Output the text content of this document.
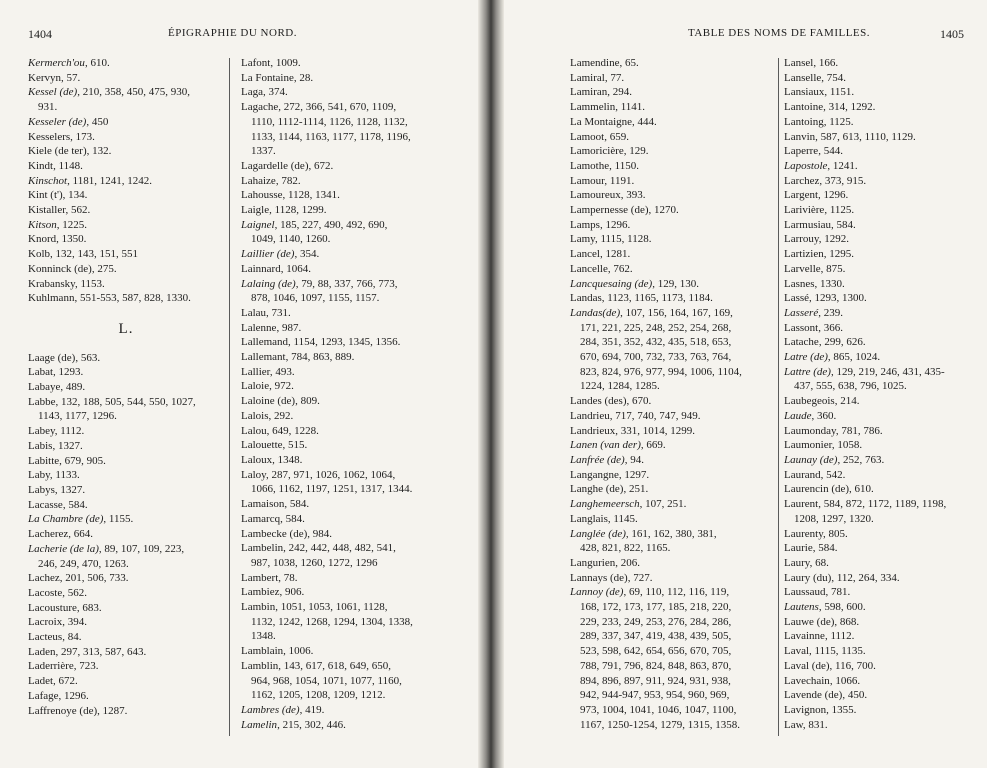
1404	ÉPIGRAPHIE DU NORD.
Kermerch'ou, 610.
Kervyn, 57.
Kessel (de), 210, 358, 450, 475, 930,
931.
Kesseler (de), 450
Kesselers, 173.
Kiele (de ter), 132.
Kindt, 1148.
Kinschot, 1181, 1241, 1242.
Kint (t'), 134.
Kistaller, 562.
Kitson, 1225.
Knord, 1350.
Kolb, 132, 143, 151, 551
Konninck (de), 275.
Krabansky, 1153.
Kuhlmann, 551-553, 587, 828, 1330.
L.
Laage (de), 563.
Labat, 1293.
Labaye, 489.
Labbe, 132, 188, 505, 544, 550, 1027,
1143, 1177, 1296.
Labey, 1112.
Labis, 1327.
Labitte, 679, 905.
Laby, 1133.
Labys, 1327.
Lacasse, 584.
La Chambre (de), 1155.
Lacherez, 664.
Lacherie (de la), 89, 107, 109, 223,
246, 249, 470, 1263.
Lachez, 201, 506, 733.
Lacoste, 562.
Lacousture, 683.
Lacroix, 394.
Lacteus, 84.
Laden, 297, 313, 587, 643.
Laderrière, 723.
Ladet, 672.
Lafage, 1296.
Laffrenoye (de), 1287.
Lafont, 1009.
La Fontaine, 28.
Laga, 374.
Lagache, 272, 366, 541, 670, 1109,
1110, 1112-1114, 1126, 1128, 1132,
1133, 1144, 1163, 1177, 1178, 1196,
1337.
Lagardelle (de), 672.
Lahaize, 782.
Lahousse, 1128, 1341.
Laigle, 1128, 1299.
Laignel, 185, 227, 490, 492, 690,
1049, 1140, 1260.
Laillier (de), 354.
Lainnard, 1064.
Lalaing (de), 79, 88, 337, 766, 773,
878, 1046, 1097, 1155, 1157.
Lalau, 731.
Lalenne, 987.
Lallemand, 1154, 1293, 1345, 1356.
Lallemant, 784, 863, 889.
Lallier, 493.
Laloie, 972.
Laloine (de), 809.
Lalois, 292.
Lalou, 649, 1228.
Lalouette, 515.
Laloux, 1348.
Laloy, 287, 971, 1026, 1062, 1064,
1066, 1162, 1197, 1251, 1317, 1344.
Lamaison, 584.
Lamarcq, 584.
Lambecke (de), 984.
Lambelin, 242, 442, 448, 482, 541,
987, 1038, 1260, 1272, 1296
Lambert, 78.
Lambiez, 906.
Lambin, 1051, 1053, 1061, 1128,
1132, 1242, 1268, 1294, 1304, 1338,
1348.
Lamblain, 1006.
Lamblin, 143, 617, 618, 649, 650,
964, 968, 1054, 1071, 1077, 1160,
1162, 1205, 1208, 1209, 1212.
Lambres (de), 419.
Lamelin, 215, 302, 446.
TABLE DES NOMS DE FAMILLES.	1405
Lamendine, 65.
Lamiral, 77.
Lamiran, 294.
Lammelin, 1141.
La Montaigne, 444.
Lamoot, 659.
Lamoricière, 129.
Lamothe, 1150.
Lamour, 1191.
Lamoureux, 393.
Lampernesse (de), 1270.
Lamps, 1296.
Lamy, 1115, 1128.
Lancel, 1281.
Lancelle, 762.
Lancquesaing (de), 129, 130.
Landas, 1123, 1165, 1173, 1184.
Landas(de), 107, 156, 164, 167, 169,
171, 221, 225, 248, 252, 254, 268,
284, 351, 352, 432, 435, 518, 653,
670, 694, 700, 732, 733, 763, 764,
823, 824, 976, 977, 994, 1006, 1104,
1224, 1284, 1285.
Landes (des), 670.
Landrieu, 717, 740, 747, 949.
Landrieux, 331, 1014, 1299.
Lanen (van der), 669.
Lanfrée (de), 94.
Langangne, 1297.
Langhe (de), 251.
Langhemeersch, 107, 251.
Langlais, 1145.
Langlée (de), 161, 162, 380, 381,
428, 821, 822, 1165.
Langurien, 206.
Lannays (de), 727.
Lannoy (de), 69, 110, 112, 116, 119,
168, 172, 173, 177, 185, 218, 220,
229, 233, 249, 253, 276, 284, 286,
289, 337, 347, 419, 438, 439, 505,
523, 598, 642, 654, 656, 670, 705,
788, 791, 796, 824, 848, 863, 870,
894, 896, 897, 911, 924, 931, 938,
942, 944-947, 953, 954, 960, 969,
973, 1004, 1041, 1046, 1047, 1100,
1167, 1250-1254, 1279, 1315, 1358.
Lansel, 166.
Lanselle, 754.
Lansiaux, 1151.
Lantoine, 314, 1292.
Lantoing, 1125.
Lanvin, 587, 613, 1110, 1129.
Laperre, 544.
Lapostole, 1241.
Larchez, 373, 915.
Largent, 1296.
Larivière, 1125.
Larmusiau, 584.
Larrouy, 1292.
Lartizien, 1295.
Larvelle, 875.
Lasnes, 1330.
Lassé, 1293, 1300.
Lasseré, 239.
Lassont, 366.
Latache, 299, 626.
Latre (de), 865, 1024.
Lattre (de), 129, 219, 246, 431, 435-
437, 555, 638, 796, 1025.
Laubegeois, 214.
Laude, 360.
Laumonday, 781, 786.
Laumonier, 1058.
Launay (de), 252, 763.
Laurand, 542.
Laurencin (de), 610.
Laurent, 584, 872, 1172, 1189, 1198,
1208, 1297, 1320.
Laurenty, 805.
Laurie, 584.
Laury, 68.
Laury (du), 112, 264, 334.
Laussaud, 781.
Lautens, 598, 600.
Lauwe (de), 868.
Lavainne, 1112.
Laval, 1115, 1135.
Laval (de), 116, 700.
Lavechain, 1066.
Lavende (de), 450.
Lavignon, 1355.
Law, 831.
